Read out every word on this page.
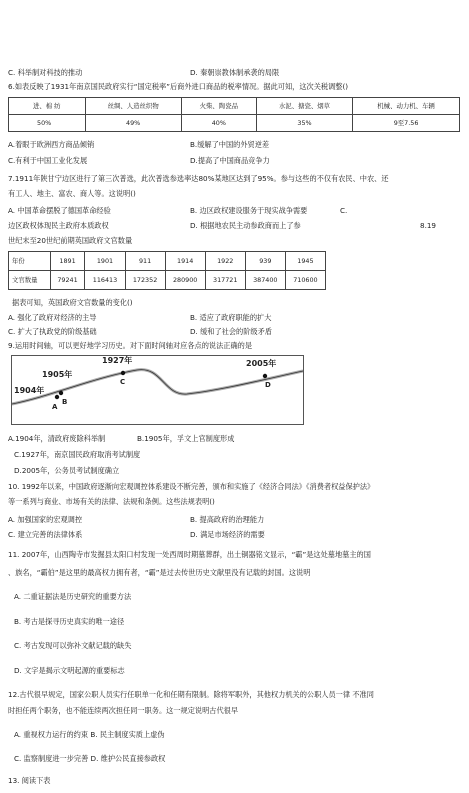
C. 科举制对科技的推动	D. 秦朝崇教体制承袭的局限
6.如表反映了1931年南京国民政府实行“国定税率”后商外进口商品的税率情况。据此可知，这次关税调整()
进、棉 纺	丝绸、人造丝织物	火柴、陶瓷品	水泥、搪瓷、烟草	机械、动力机、车辆
50%	49%	40%	35%	9至7.56
A.着眼于欧洲西方商品倾销	B.缓解了中国的外贸逆差
C.有利于中国工业化发展	D.提高了中国商品竞争力
7.1911年陕甘宁边区进行了第三次普选，此次普选参选率达80%某地区达到了95%。参与这些的不仅有农民、中农、还
有工人、地主、富农、商人等。这说明()
A. 中国革命摆脱了德国革命经验	B. 边区政权建设服务于现实战争需要	C.
边区政权体现民主政府本质政权	D. 根据地农民主动参政商而上了参	8.19
世纪末至20世纪前期英国政府文官数量
年份	1891	1901	911	1914	1922	939	1945
文官数量	79241	116413	172352	280900	317721	387400	710600
据表可知，英国政府文官数量的变化()
A. 强化了政府对经济的主导	B. 适应了政府职能的扩大
C. 扩大了执政党的阶级基础	D. 缓和了社会的阶级矛盾
9.运用时间轴，可以更好地学习历史。对下面时间轴对应各点的说法正确的是
1904年
1905年
1927年	2005年
A
B
C	D
A.1904年，清政府废除科举制	B.1905年，孚文上官制度形成
C.1927年，南京国民政府取消考试制度
D.2005年，公务员考试制度确立
10. 1992年以来，中国政府逐渐向宏观调控体系建设不断完善，颁布和实施了《经济合同法》《消费者权益保护法》
等一系列与商业、市场有关的法律、法规和条例。这些法规表明()
A. 加强国家的宏观调控	B. 提高政府的治理能力
C. 建立完善的法律体系	D. 满足市场经济的需要
11. 2007年，山西陶寺市发掘县太阳口村发现一处西周时期墓葬群，出土铜器铭文显示，“霸”是这处墓地墓主的国
、族名，“霸伯”是这里的最高权力拥有者，“霸”是过去传世历史文献里没有记载的封国。这说明
A. 二重证据法是历史研究的重要方法
B. 考古是探寻历史真实的唯一途径
C. 考古发现可以弥补文献记载的缺失
D. 文字是揭示文明起源的重要标志
12.古代很早规定，国家公职人员实行任职单一化和任期有限制。除将军职外，其他权力机关的公职人员一律 不准同
时担任两个职务，也不能连续两次担任同一职务。这一规定说明古代很早
A. 重视权力运行的约束 B. 民主制度实质上虚伪
C. 监察制度进一步完善 D. 维护公民直接参政权
13. 阅读下表
